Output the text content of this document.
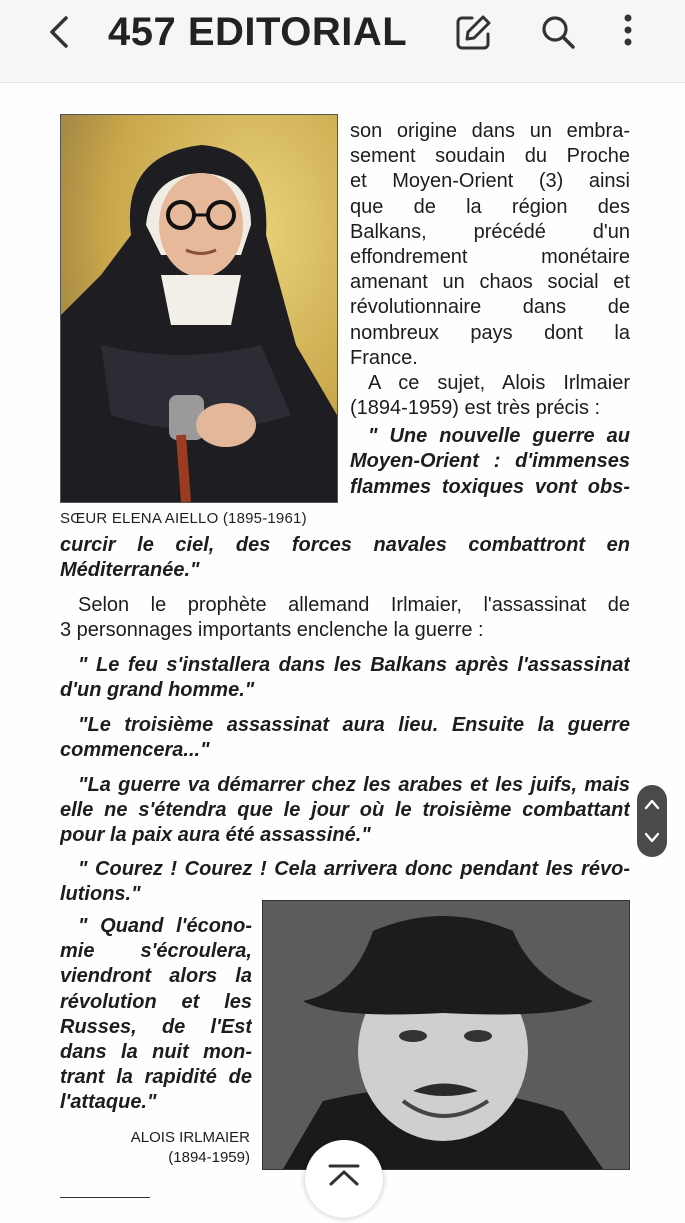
457 EDITORIAL
SŒUR ELENA AIELLO (1895-1961)
son origine dans un embra-
sement soudain du Proche
et Moyen-Orient (3) ainsi
que de la région des
Balkans, précédé d'un
effondrement monétaire
amenant un chaos social et
révolutionnaire dans de
nombreux pays dont la
France.
A ce sujet, Alois Irlmaier
(1894-1959) est très précis :
" Une nouvelle guerre au
Moyen-Orient : d'immenses
flammes toxiques vont obs-
curcir le ciel, des forces navales combattront en
Méditerranée."
Selon le prophète allemand Irlmaier, l'assassinat de
3 personnages importants enclenche la guerre :
" Le feu s'installera dans les Balkans après l'assassinat
d'un grand homme."
"Le troisième assassinat aura lieu. Ensuite la guerre
commencera..."
"La guerre va démarrer chez les arabes et les juifs, mais
elle ne s'étendra que le jour où le troisième combattant
pour la paix aura été assassiné."
" Courez ! Courez ! Cela arrivera donc pendant les révo-
lutions."
" Quand l'écono-
mie s'écroulera,
viendront alors la
révolution et les
Russes, de l'Est
dans la nuit mon-
trant la rapidité de
l'attaque."
ALOIS IRLMAIER
(1894-1959)
